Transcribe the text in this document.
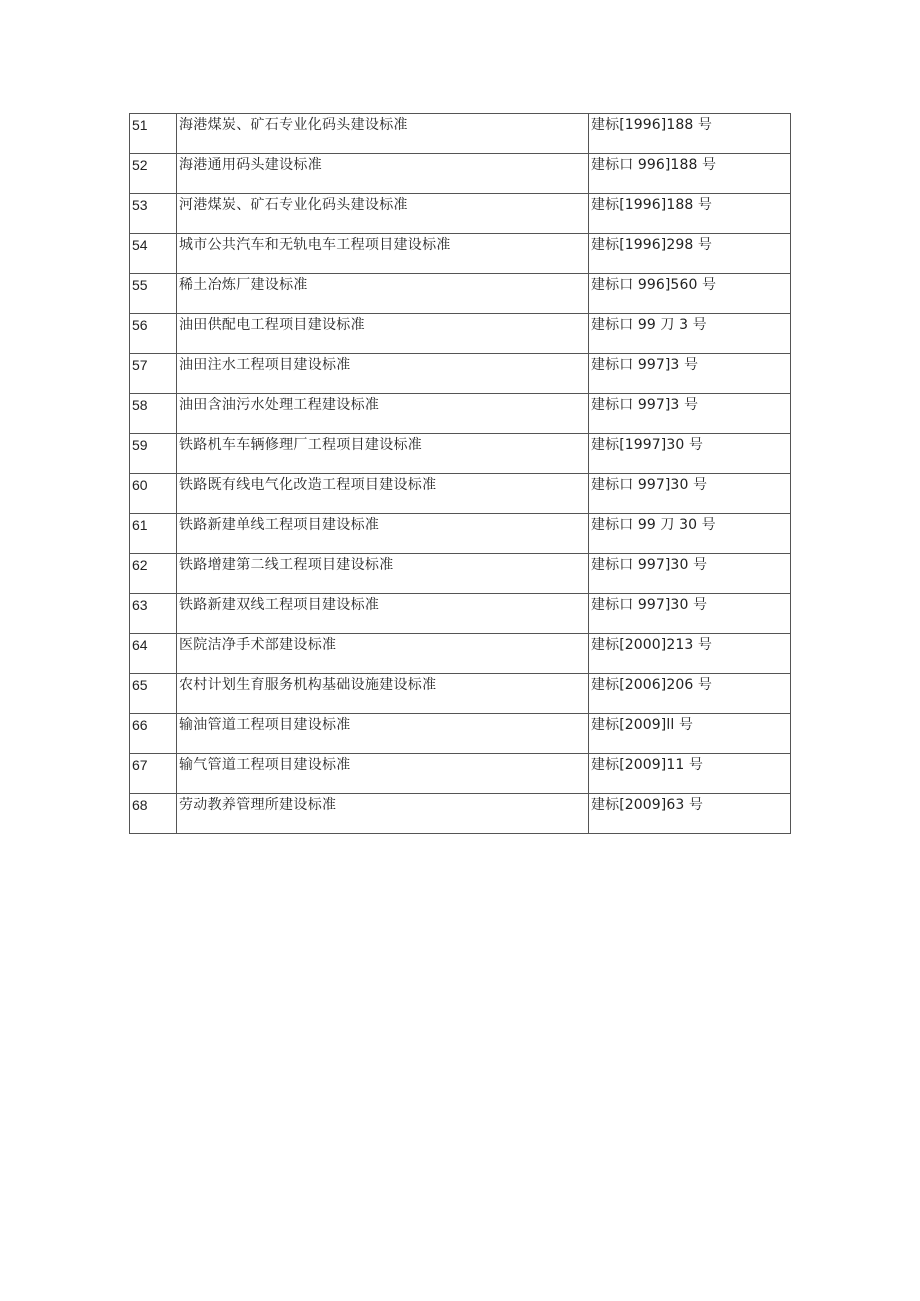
51	海港煤炭、矿石专业化码头建设标准	建标[1996]188 号
52	海港通用码头建设标准	建标口 996]188 号
53	河港煤炭、矿石专业化码头建设标准	建标[1996]188 号
54	城市公共汽车和无轨电车工程项目建设标准	建标[1996]298 号
55	稀土冶炼厂建设标准	建标口 996]560 号
56	油田供配电工程项目建设标准	建标口 99 刀 3 号
57	油田注水工程项目建设标准	建标口 997]3 号
58	油田含油污水处理工程建设标准	建标口 997]3 号
59	铁路机车车辆修理厂工程项目建设标准	建标[1997]30 号
60	铁路既有线电气化改造工程项目建设标准	建标口 997]30 号
61	铁路新建单线工程项目建设标准	建标口 99 刀 30 号
62	铁路增建第二线工程项目建设标准	建标口 997]30 号
63	铁路新建双线工程项目建设标准	建标口 997]30 号
64	医院洁净手术部建设标准	建标[2000]213 号
65	农村计划生育服务机构基础设施建设标准	建标[2006]206 号
66	输油管道工程项目建设标准	建标[2009]ll 号
67	输气管道工程项目建设标准	建标[2009]11 号
68	劳动教养管理所建设标准	建标[2009]63 号
